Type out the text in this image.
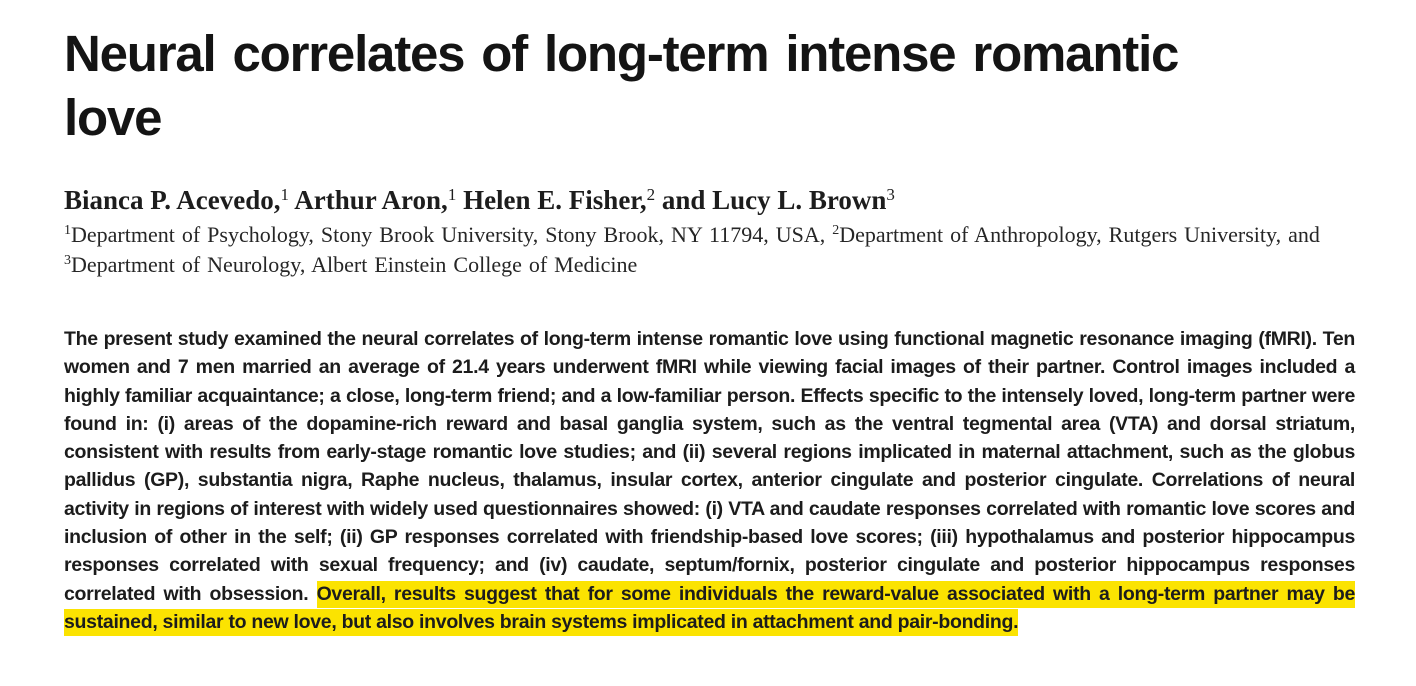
Neural correlates of long-term intense romantic love
Bianca P. Acevedo,$^1$ Arthur Aron,$^1$ Helen E. Fisher,$^2$ and Lucy L. Brown$^3$
$^1$Department of Psychology, Stony Brook University, Stony Brook, NY 11794, USA, $^2$Department of Anthropology, Rutgers University, and $^3$Department of Neurology, Albert Einstein College of Medicine

The present study examined the neural correlates of long-term intense romantic love using functional magnetic resonance imaging (fMRI). Ten women and 7 men married an average of 21.4 years underwent fMRI while viewing facial images of their partner. Control images included a highly familiar acquaintance; a close, long-term friend; and a low-familiar person. Effects specific to the intensely loved, long-term partner were found in: (i) areas of the dopamine-rich reward and basal ganglia system, such as the ventral tegmental area (VTA) and dorsal striatum, consistent with results from early-stage romantic love studies; and (ii) several regions implicated in maternal attachment, such as the globus pallidus (GP), substantia nigra, Raphe nucleus, thalamus, insular cortex, anterior cingulate and posterior cingulate. Correlations of neural activity in regions of interest with widely used questionnaires showed: (i) VTA and caudate responses correlated with romantic love scores and inclusion of other in the self; (ii) GP responses correlated with friendship-based love scores; (iii) hypothalamus and posterior hippocampus responses correlated with sexual frequency; and (iv) caudate, septum/fornix, posterior cingulate and posterior hippocampus responses correlated with obsession. Overall, results suggest that for some individuals the reward-value associated with a long-term partner may be sustained, similar to new love, but also involves brain systems implicated in attachment and pair-bonding.
